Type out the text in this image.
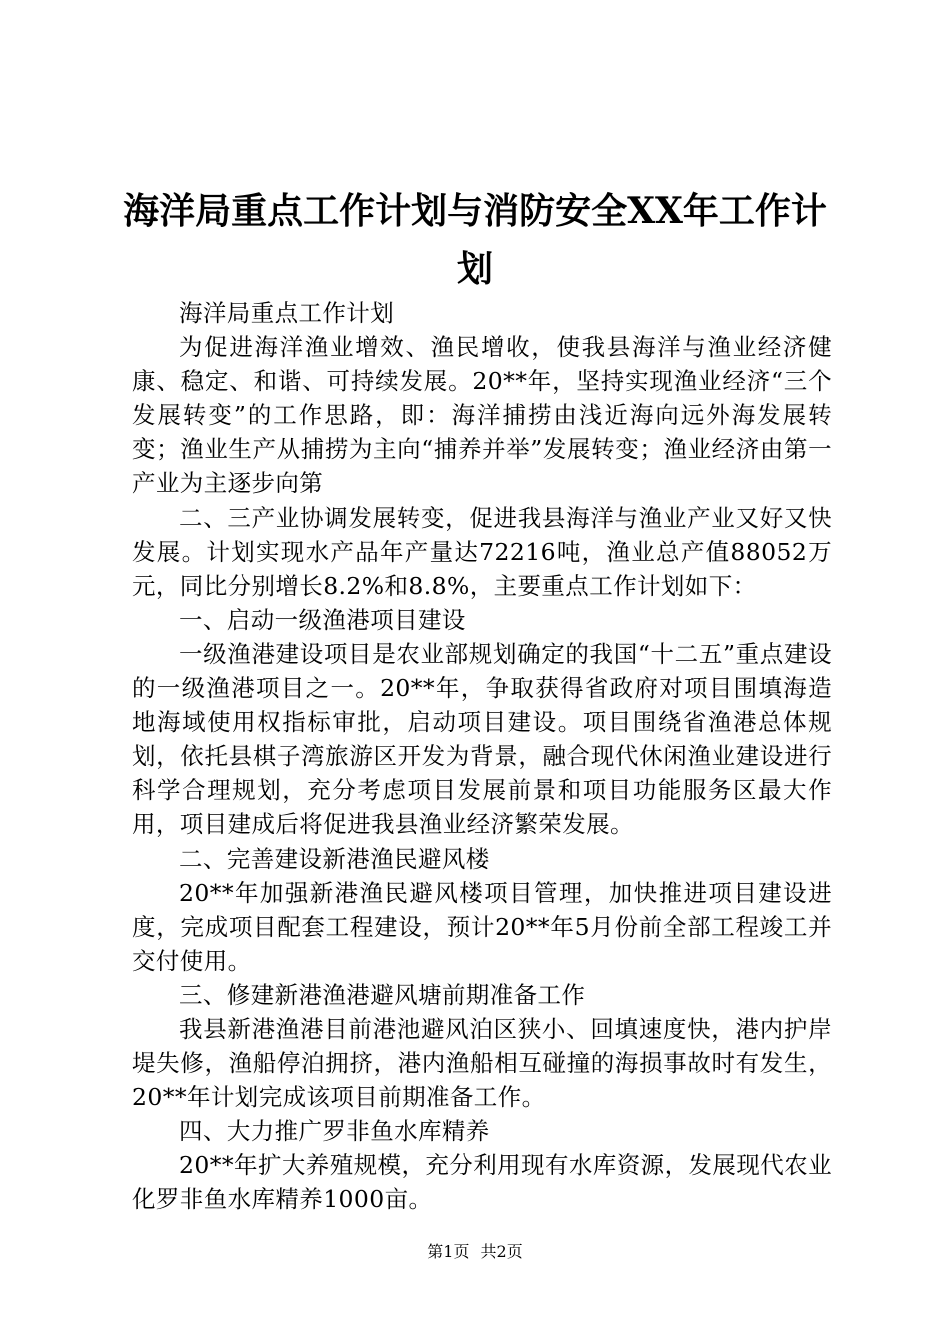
海洋局重点工作计划与消防安全XX年工作计划

海洋局重点工作计划

为促进海洋渔业增效、渔民增收，使我县海洋与渔业经济健康、稳定、和谐、可持续发展。20**年，坚持实现渔业经济“三个发展转变”的工作思路，即：海洋捕捞由浅近海向远外海发展转变；渔业生产从捕捞为主向“捕养并举”发展转变；渔业经济由第一产业为主逐步向第

二、三产业协调发展转变，促进我县海洋与渔业产业又好又快发展。计划实现水产品年产量达72216吨，渔业总产值88052万元，同比分别增长8.2%和8.8%，主要重点工作计划如下：

一、启动一级渔港项目建设

一级渔港建设项目是农业部规划确定的我国“十二五”重点建设的一级渔港项目之一。20**年，争取获得省政府对项目围填海造地海域使用权指标审批，启动项目建设。项目围绕省渔港总体规划，依托县棋子湾旅游区开发为背景，融合现代休闲渔业建设进行科学合理规划，充分考虑项目发展前景和项目功能服务区最大作用，项目建成后将促进我县渔业经济繁荣发展。

二、完善建设新港渔民避风楼

20**年加强新港渔民避风楼项目管理，加快推进项目建设进度，完成项目配套工程建设，预计20**年5月份前全部工程竣工并交付使用。

三、修建新港渔港避风塘前期准备工作

我县新港渔港目前港池避风泊区狭小、回填速度快，港内护岸堤失修，渔船停泊拥挤，港内渔船相互碰撞的海损事故时有发生，20**年计划完成该项目前期准备工作。

四、大力推广罗非鱼水库精养

20**年扩大养殖规模，充分利用现有水库资源，发展现代农业化罗非鱼水库精养1000亩。

第1页 共2页
